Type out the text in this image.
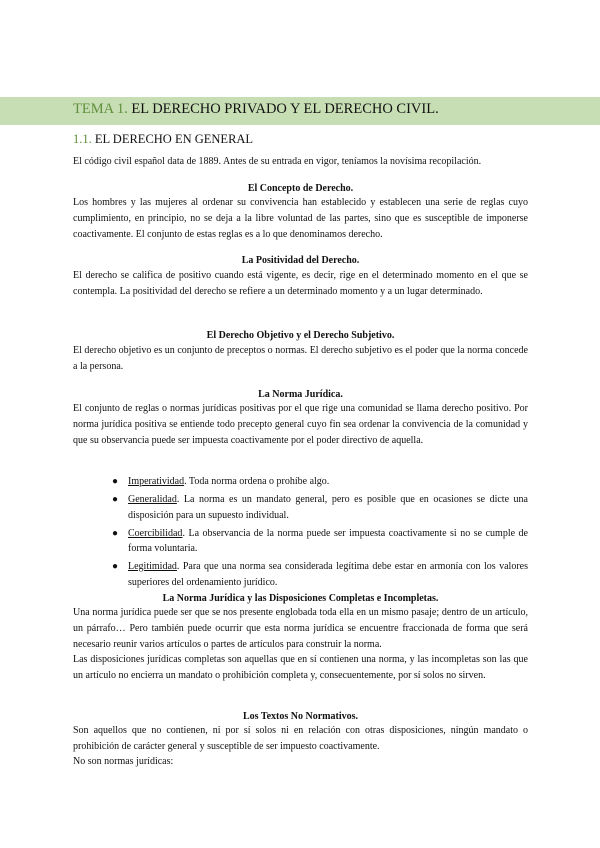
TEMA 1. EL DERECHO PRIVADO Y EL DERECHO CIVIL.
1.1. EL DERECHO EN GENERAL
El código civil español data de 1889. Antes de su entrada en vigor, teníamos la novísima recopilación.
El Concepto de Derecho.
Los hombres y las mujeres al ordenar su convivencia han establecido y establecen una serie de reglas cuyo cumplimiento, en principio, no se deja a la libre voluntad de las partes, sino que es susceptible de imponerse coactivamente. El conjunto de estas reglas es a lo que denominamos derecho.
La Positividad del Derecho.
El derecho se califica de positivo cuando está vigente, es decir, rige en el determinado momento en el que se contempla. La positividad del derecho se refiere a un determinado momento y a un lugar determinado.
El Derecho Objetivo y el Derecho Subjetivo.
El derecho objetivo es un conjunto de preceptos o normas. El derecho subjetivo es el poder que la norma concede a la persona.
La Norma Jurídica.
El conjunto de reglas o normas jurídicas positivas por el que rige una comunidad se llama derecho positivo. Por norma jurídica positiva se entiende todo precepto general cuyo fin sea ordenar la convivencia de la comunidad y que su observancia puede ser impuesta coactivamente por el poder directivo de aquella.
● Imperatividad. Toda norma ordena o prohíbe algo.
● Generalidad. La norma es un mandato general, pero es posible que en ocasiones se dicte una disposición para un supuesto individual.
● Coercibilidad. La observancia de la norma puede ser impuesta coactivamente si no se cumple de forma voluntaria.
● Legitimidad. Para que una norma sea considerada legítima debe estar en armonía con los valores superiores del ordenamiento jurídico.
La Norma Jurídica y las Disposiciones Completas e Incompletas.
Una norma jurídica puede ser que se nos presente englobada toda ella en un mismo pasaje; dentro de un artículo, un párrafo… Pero también puede ocurrir que esta norma jurídica se encuentre fraccionada de forma que será necesario reunir varios artículos o partes de artículos para construir la norma.
Las disposiciones jurídicas completas son aquellas que en sí contienen una norma, y las incompletas son las que un artículo no encierra un mandato o prohibición completa y, consecuentemente, por sí solos no sirven.
Los Textos No Normativos.
Son aquellos que no contienen, ni por sí solos ni en relación con otras disposiciones, ningún mandato o prohibición de carácter general y susceptible de ser impuesto coactivamente.
No son normas jurídicas:
